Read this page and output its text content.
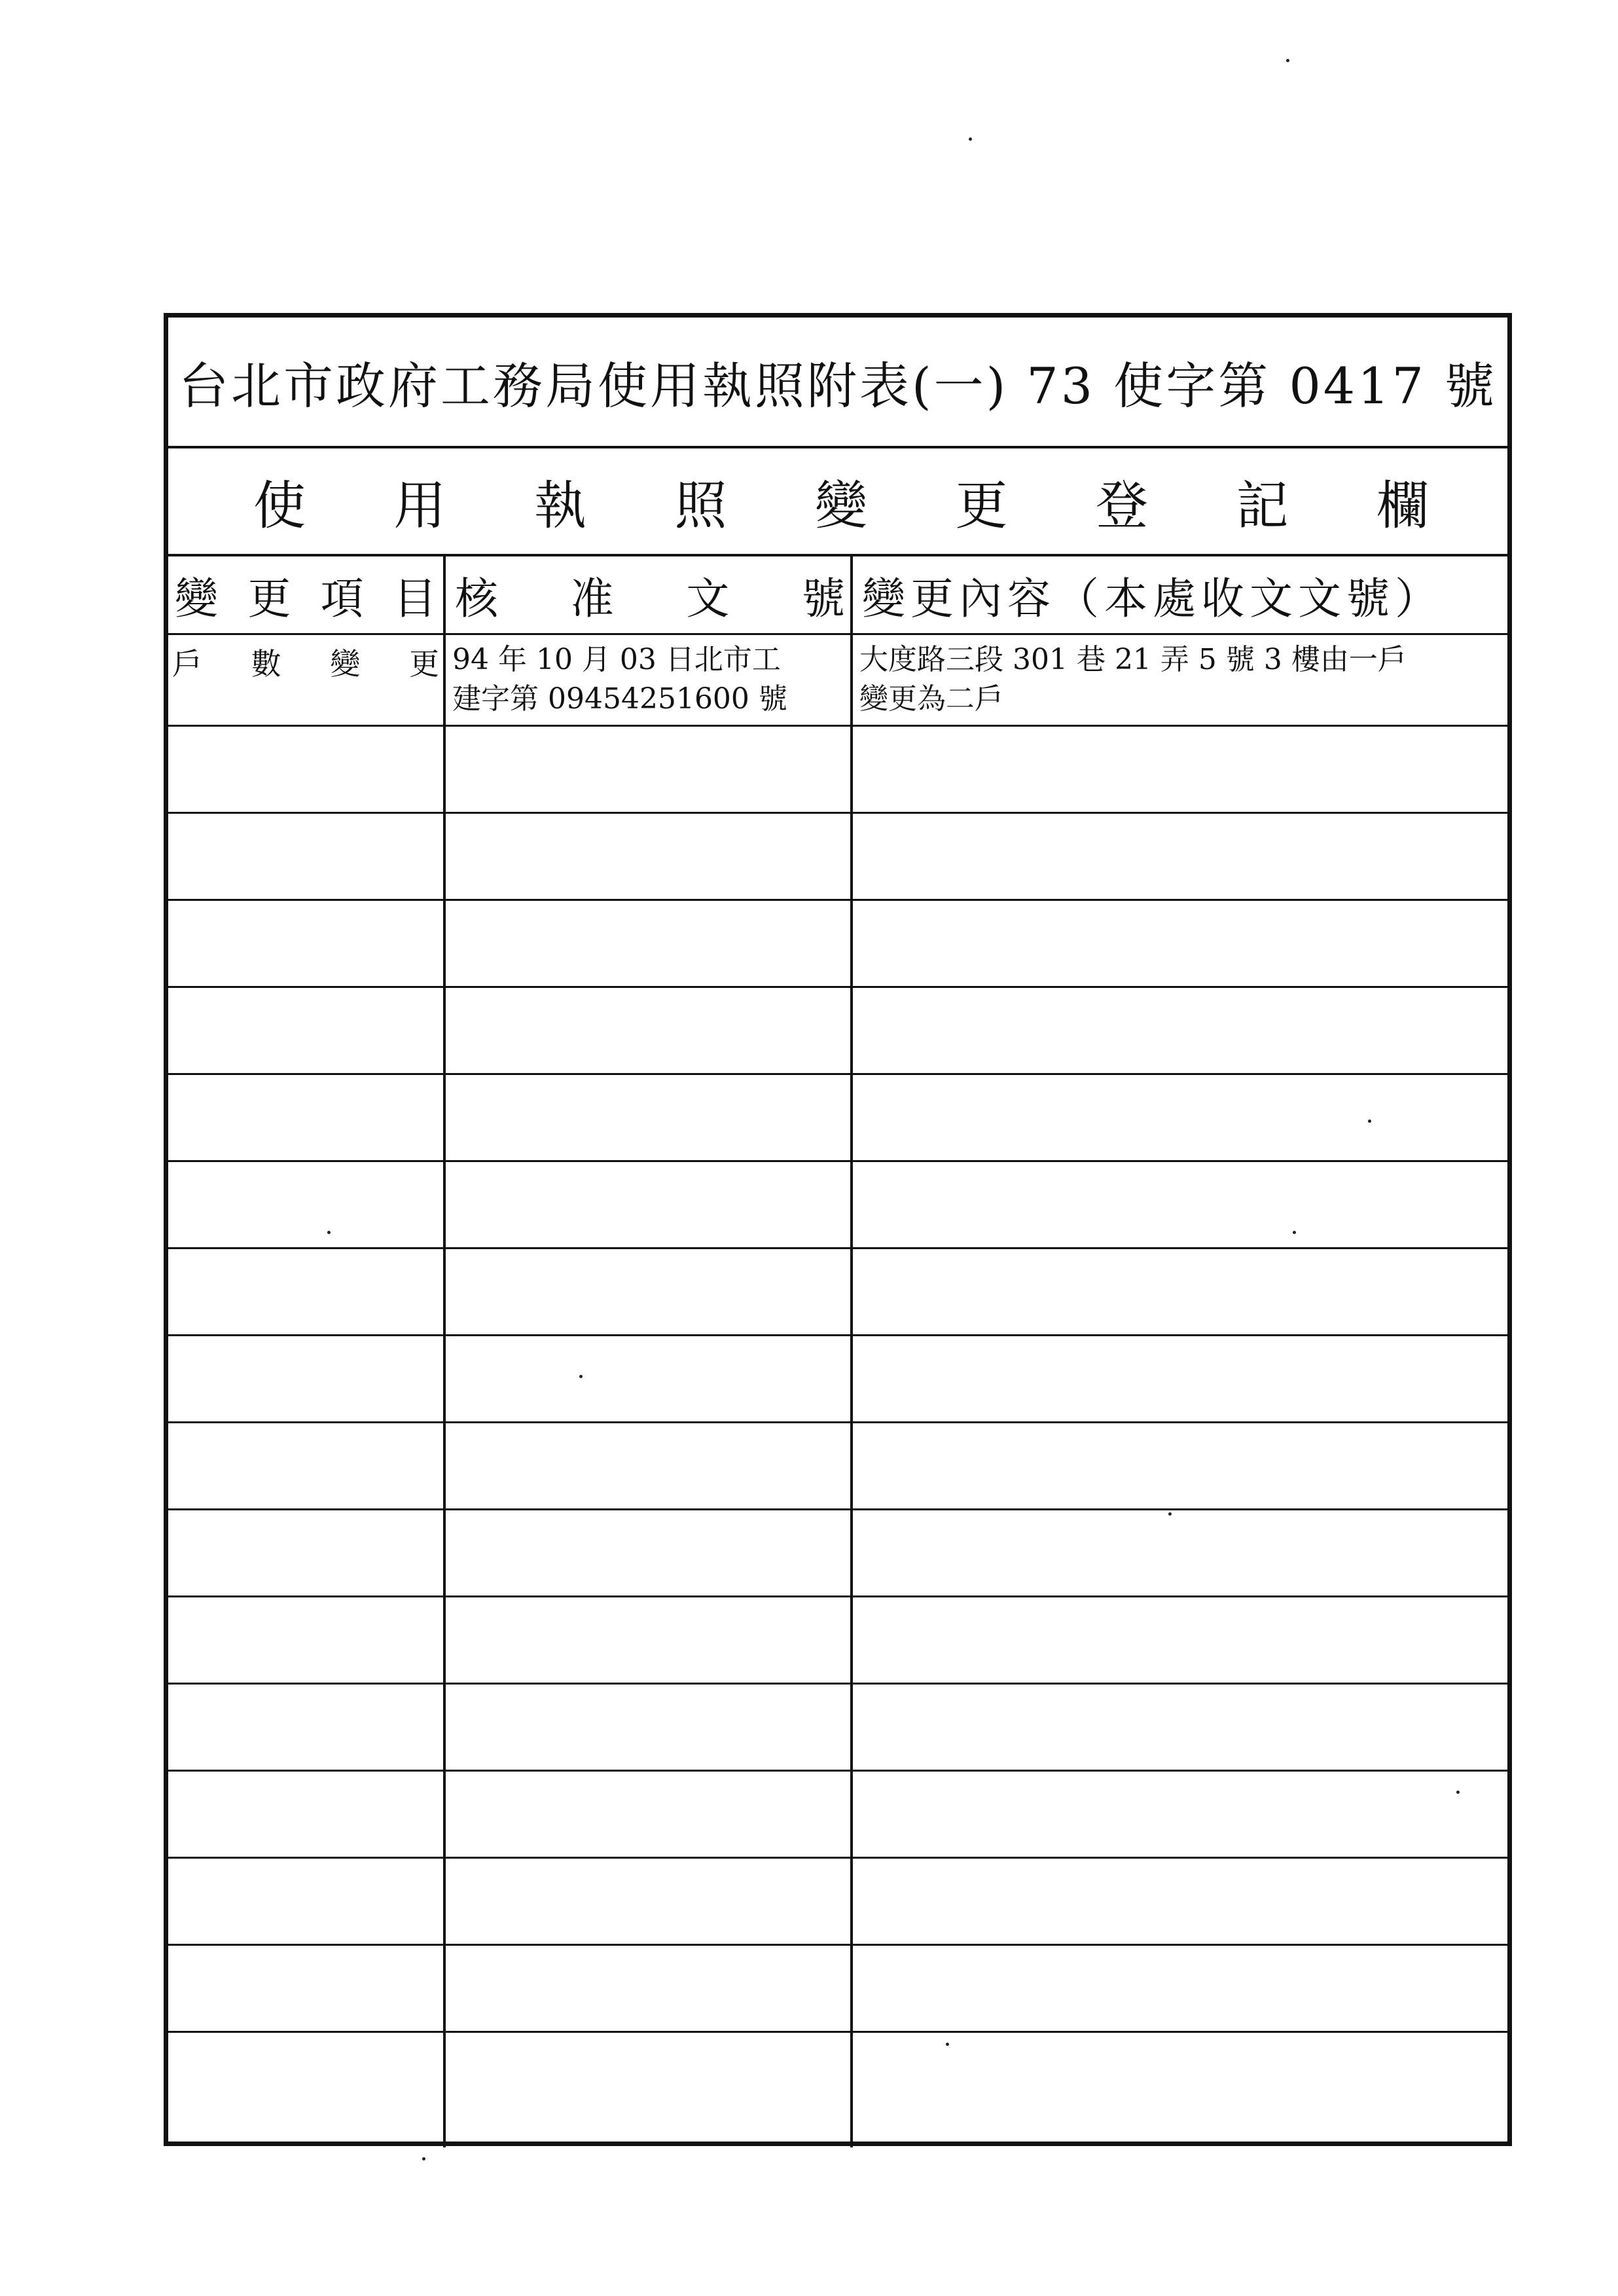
台北市政府工務局使用執照附表(一) 73 使字第 0417 號
使 用 執 照 變 更 登 記 欄
變 更 項 目 核 准 文 號 變更內容（本處收文文號）
戶 數 變 更 94 年 10 月 03 日北市工
建字第 09454251600 號
大度路三段 301 巷 21 弄 5 號 3 樓由一戶
變更為二戶
